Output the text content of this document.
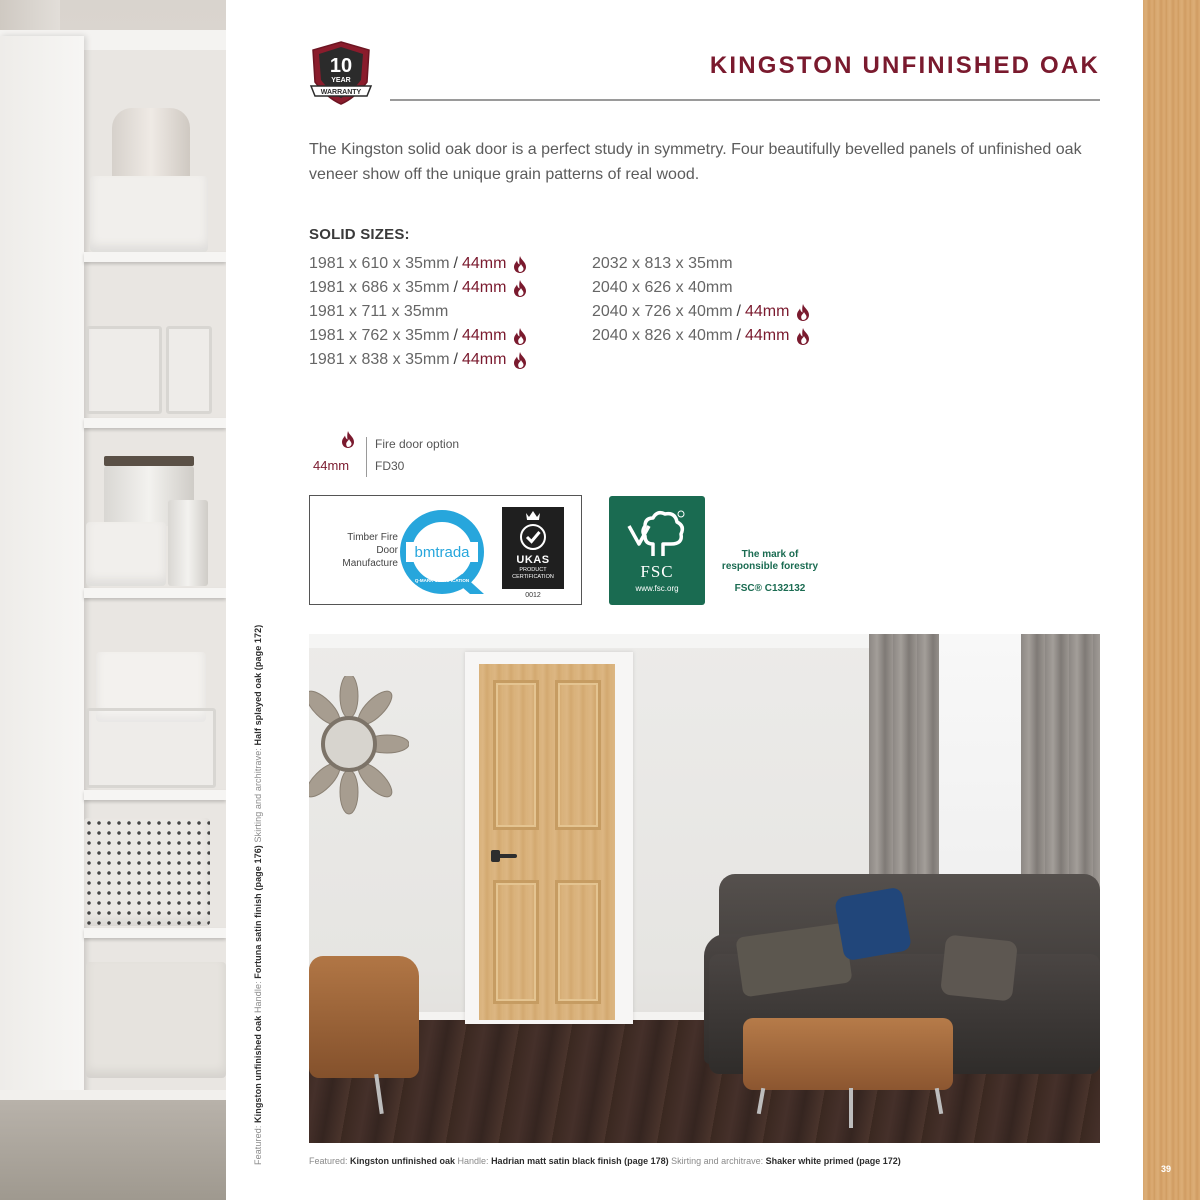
Featured: Kingston unfinished oak Handle: Fortuna satin finish (page 176) Skirting and architrave: Half splayed oak (page 172)
39
10
YEAR
WARRANTY
KINGSTON UNFINISHED OAK

The Kingston solid oak door is a perfect study in symmetry. Four beautifully bevelled panels of unfinished oak veneer show off the unique grain patterns of real wood.

SOLID SIZES:
1981 x 610 x 35mm / 44mm
1981 x 686 x 35mm / 44mm
1981 x 711 x 35mm
1981 x 762 x 35mm / 44mm
1981 x 838 x 35mm / 44mm
2032 x 813 x 35mm
2040 x 626 x 40mm
2040 x 726 x 40mm / 44mm
2040 x 826 x 40mm / 44mm
44mm
Fire door option
FD30
Timber Fire
Door
Manufacture
bmtrada
Q-MARK CERTIFICATION
UKAS
PRODUCT
CERTIFICATION
0012
FSC
www.fsc.org
The mark of
responsible forestry
FSC® C132132
Featured: Kingston unfinished oak Handle: Hadrian matt satin black finish (page 178) Skirting and architrave: Shaker white primed (page 172)
